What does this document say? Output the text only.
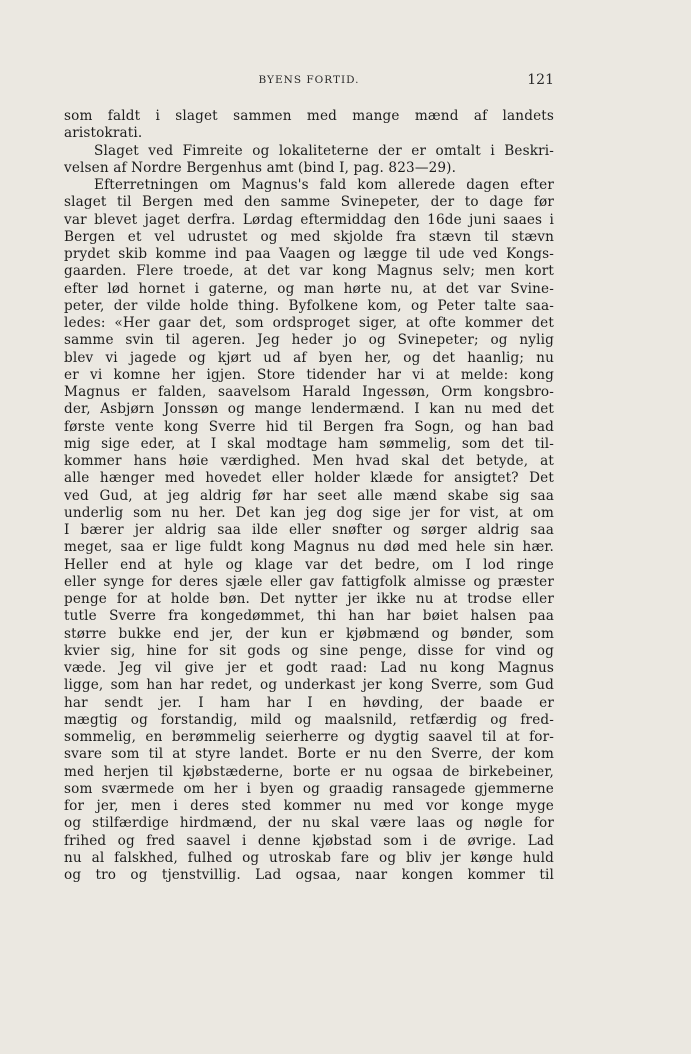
BYENS FORTID.	121
som faldt i slaget sammen med mange mænd af landets
aristokrati.
Slaget ved Fimreite og lokaliteterne der er omtalt i Beskri-
velsen af Nordre Bergenhus amt (bind I, pag. 823—29).
Efterretningen om Magnus's fald kom allerede dagen efter
slaget til Bergen med den samme Svinepeter, der to dage før
var blevet jaget derfra. Lørdag eftermiddag den 16de juni saaes i
Bergen et vel udrustet og med skjolde fra stævn til stævn
prydet skib komme ind paa Vaagen og lægge til ude ved Kongs-
gaarden. Flere troede, at det var kong Magnus selv; men kort
efter lød hornet i gaterne, og man hørte nu, at det var Svine-
peter, der vilde holde thing. Byfolkene kom, og Peter talte saa-
ledes: «Her gaar det, som ordsproget siger, at ofte kommer det
samme svin til ageren. Jeg heder jo og Svinepeter; og nylig
blev vi jagede og kjørt ud af byen her, og det haanlig; nu
er vi komne her igjen. Store tidender har vi at melde: kong
Magnus er falden, saavelsom Harald Ingessøn, Orm kongsbro-
der, Asbjørn Jonssøn og mange lendermænd. I kan nu med det
første vente kong Sverre hid til Bergen fra Sogn, og han bad
mig sige eder, at I skal modtage ham sømmelig, som det til-
kommer hans høie værdighed. Men hvad skal det betyde, at
alle hænger med hovedet eller holder klæde for ansigtet? Det
ved Gud, at jeg aldrig før har seet alle mænd skabe sig saa
underlig som nu her. Det kan jeg dog sige jer for vist, at om
I bærer jer aldrig saa ilde eller snøfter og sørger aldrig saa
meget, saa er lige fuldt kong Magnus nu død med hele sin hær.
Heller end at hyle og klage var det bedre, om I lod ringe
eller synge for deres sjæle eller gav fattigfolk almisse og præster
penge for at holde bøn. Det nytter jer ikke nu at trodse eller
tutle Sverre fra kongedømmet, thi han har bøiet halsen paa
større bukke end jer, der kun er kjøbmænd og bønder, som
kvier sig, hine for sit gods og sine penge, disse for vind og
væde. Jeg vil give jer et godt raad: Lad nu kong Magnus
ligge, som han har redet, og underkast jer kong Sverre, som Gud
har sendt jer. I ham har I en høvding, der baade er
mægtig og forstandig, mild og maalsnild, retfærdig og fred-
sommelig, en berømmelig seierherre og dygtig saavel til at for-
svare som til at styre landet. Borte er nu den Sverre, der kom
med herjen til kjøbstæderne, borte er nu ogsaa de birkebeiner,
som sværmede om her i byen og graadig ransagede gjemmerne
for jer, men i deres sted kommer nu med vor konge myge
og stilfærdige hirdmænd, der nu skal være laas og nøgle for
frihed og fred saavel i denne kjøbstad som i de øvrige. Lad
nu al falskhed, fulhed og utroskab fare og bliv jer kønge huld
og tro og tjenstvillig. Lad ogsaa, naar kongen kommer til
